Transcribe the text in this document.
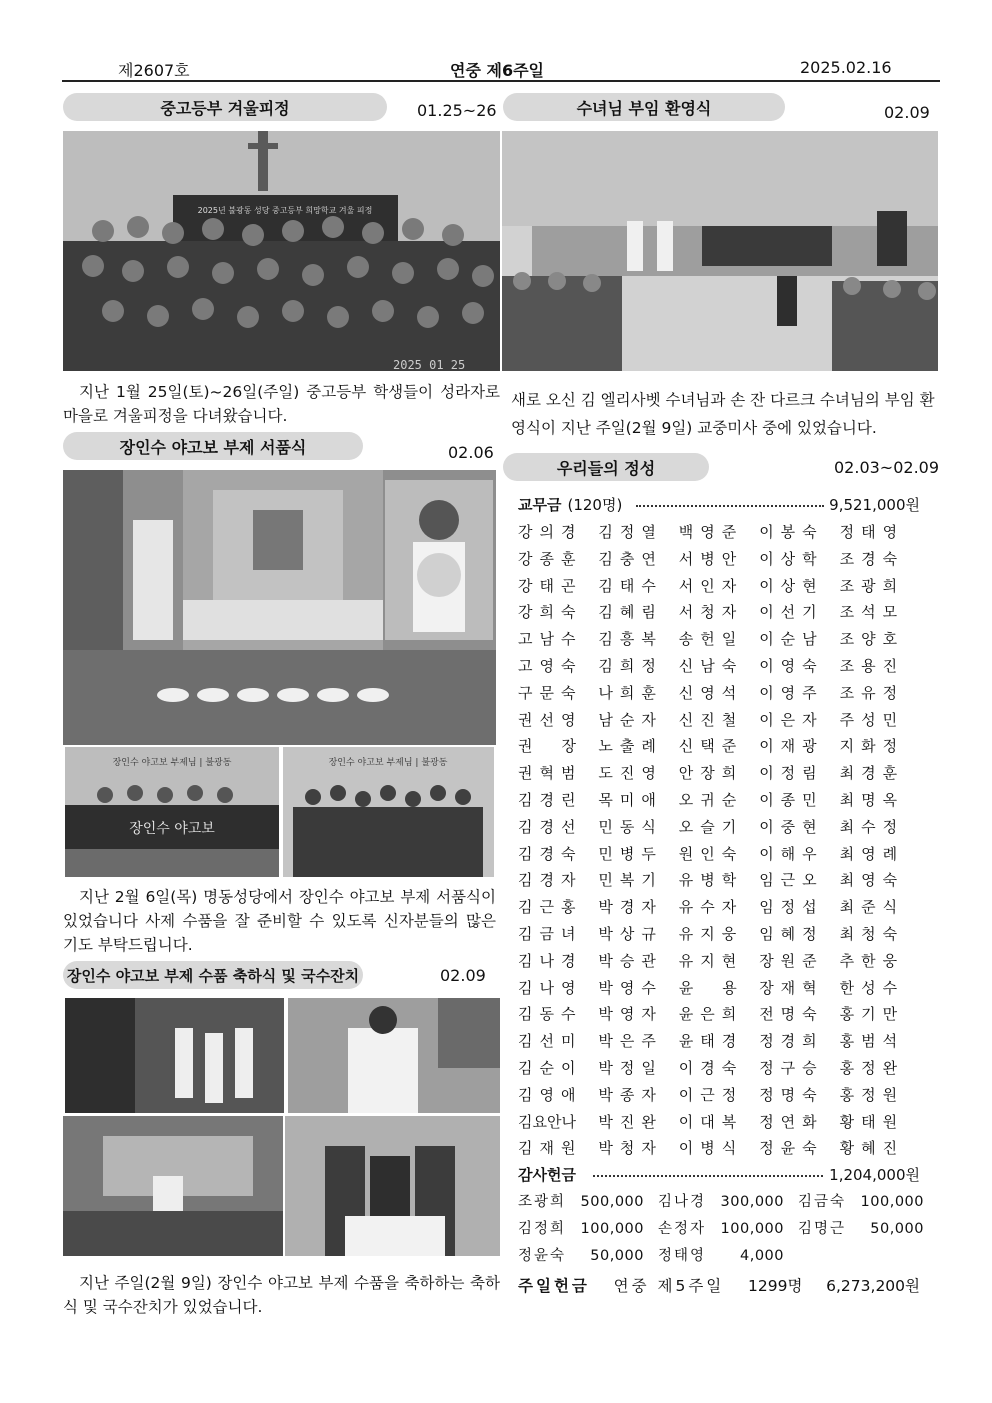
제2607호	연중 제6주일	2025.02.16
중고등부 겨울피정	01.25~26
2025년 불광동 성당 중고등부 희망학교 겨울 피정
2025 01 25
지난 1월 25일(토)~26일(주일) 중고등부 학생들이 성라자로 마을로 겨울피정을 다녀왔습니다.
장인수 야고보 부제 서품식	02.06
장인수 야고보 부제님 | 불광동
장인수 야고보
장인수 야고보 부제님 | 불광동
지난 2월 6일(목) 명동성당에서 장인수 야고보 부제 서품식이 있었습니다 사제 수품을 잘 준비할 수 있도록 신자분들의 많은 기도 부탁드립니다.
장인수 야고보 부제 수품 축하식 및 국수잔치	02.09
지난 주일(2월 9일) 장인수 야고보 부제 수품을 축하하는 축하식 및 국수잔치가 있었습니다.
수녀님 부임 환영식	02.09
새로 오신 김 엘리사벳 수녀님과 손 잔 다르크 수녀님의 부임 환영식이 지난 주일(2월 9일) 교중미사 중에 있었습니다.
우리들의 정성	02.03~02.09
교무금 (120명)	9,521,000원
강의경	김정열	백영준	이봉숙	정태영
강종훈	김충연	서병안	이상학	조경숙
강태곤	김태수	서인자	이상현	조광희
강희숙	김혜림	서청자	이선기	조석모
고남수	김흥복	송헌일	이순남	조양호
고영숙	김희정	신남숙	이영숙	조용진
구문숙	나희훈	신영석	이영주	조유정
권선영	남순자	신진철	이은자	주성민
권　장	노출례	신택준	이재광	지화정
권혁범	도진영	안장희	이정림	최경훈
김경린	목미애	오귀순	이종민	최명옥
김경선	민동식	오슬기	이중현	최수정
김경숙	민병두	원인숙	이해우	최영례
김경자	민복기	유병학	임근오	최영숙
김근홍	박경자	유수자	임정섭	최준식
김금녀	박상규	유지웅	임혜정	최청숙
김나경	박승관	유지현	장원준	추한웅
김나영	박영수	윤　용	장재혁	한성수
김동수	박영자	윤은희	전명숙	홍기만
김선미	박은주	윤태경	정경희	홍범석
김순이	박정일	이경숙	정구승	홍정완
김영애	박종자	이근정	정명숙	홍정원
김요안나	박진완	이대복	정연화	황태원
김재원	박청자	이병식	정윤숙	황혜진
감사헌금	1,204,000원
조광희 500,000 김나경 300,000 김금숙 100,000
김정희 100,000 손정자 100,000 김명근 50,000
정윤숙 50,000 정태영 4,000
주일헌금 연중 제5주일 1299명 6,273,200원
